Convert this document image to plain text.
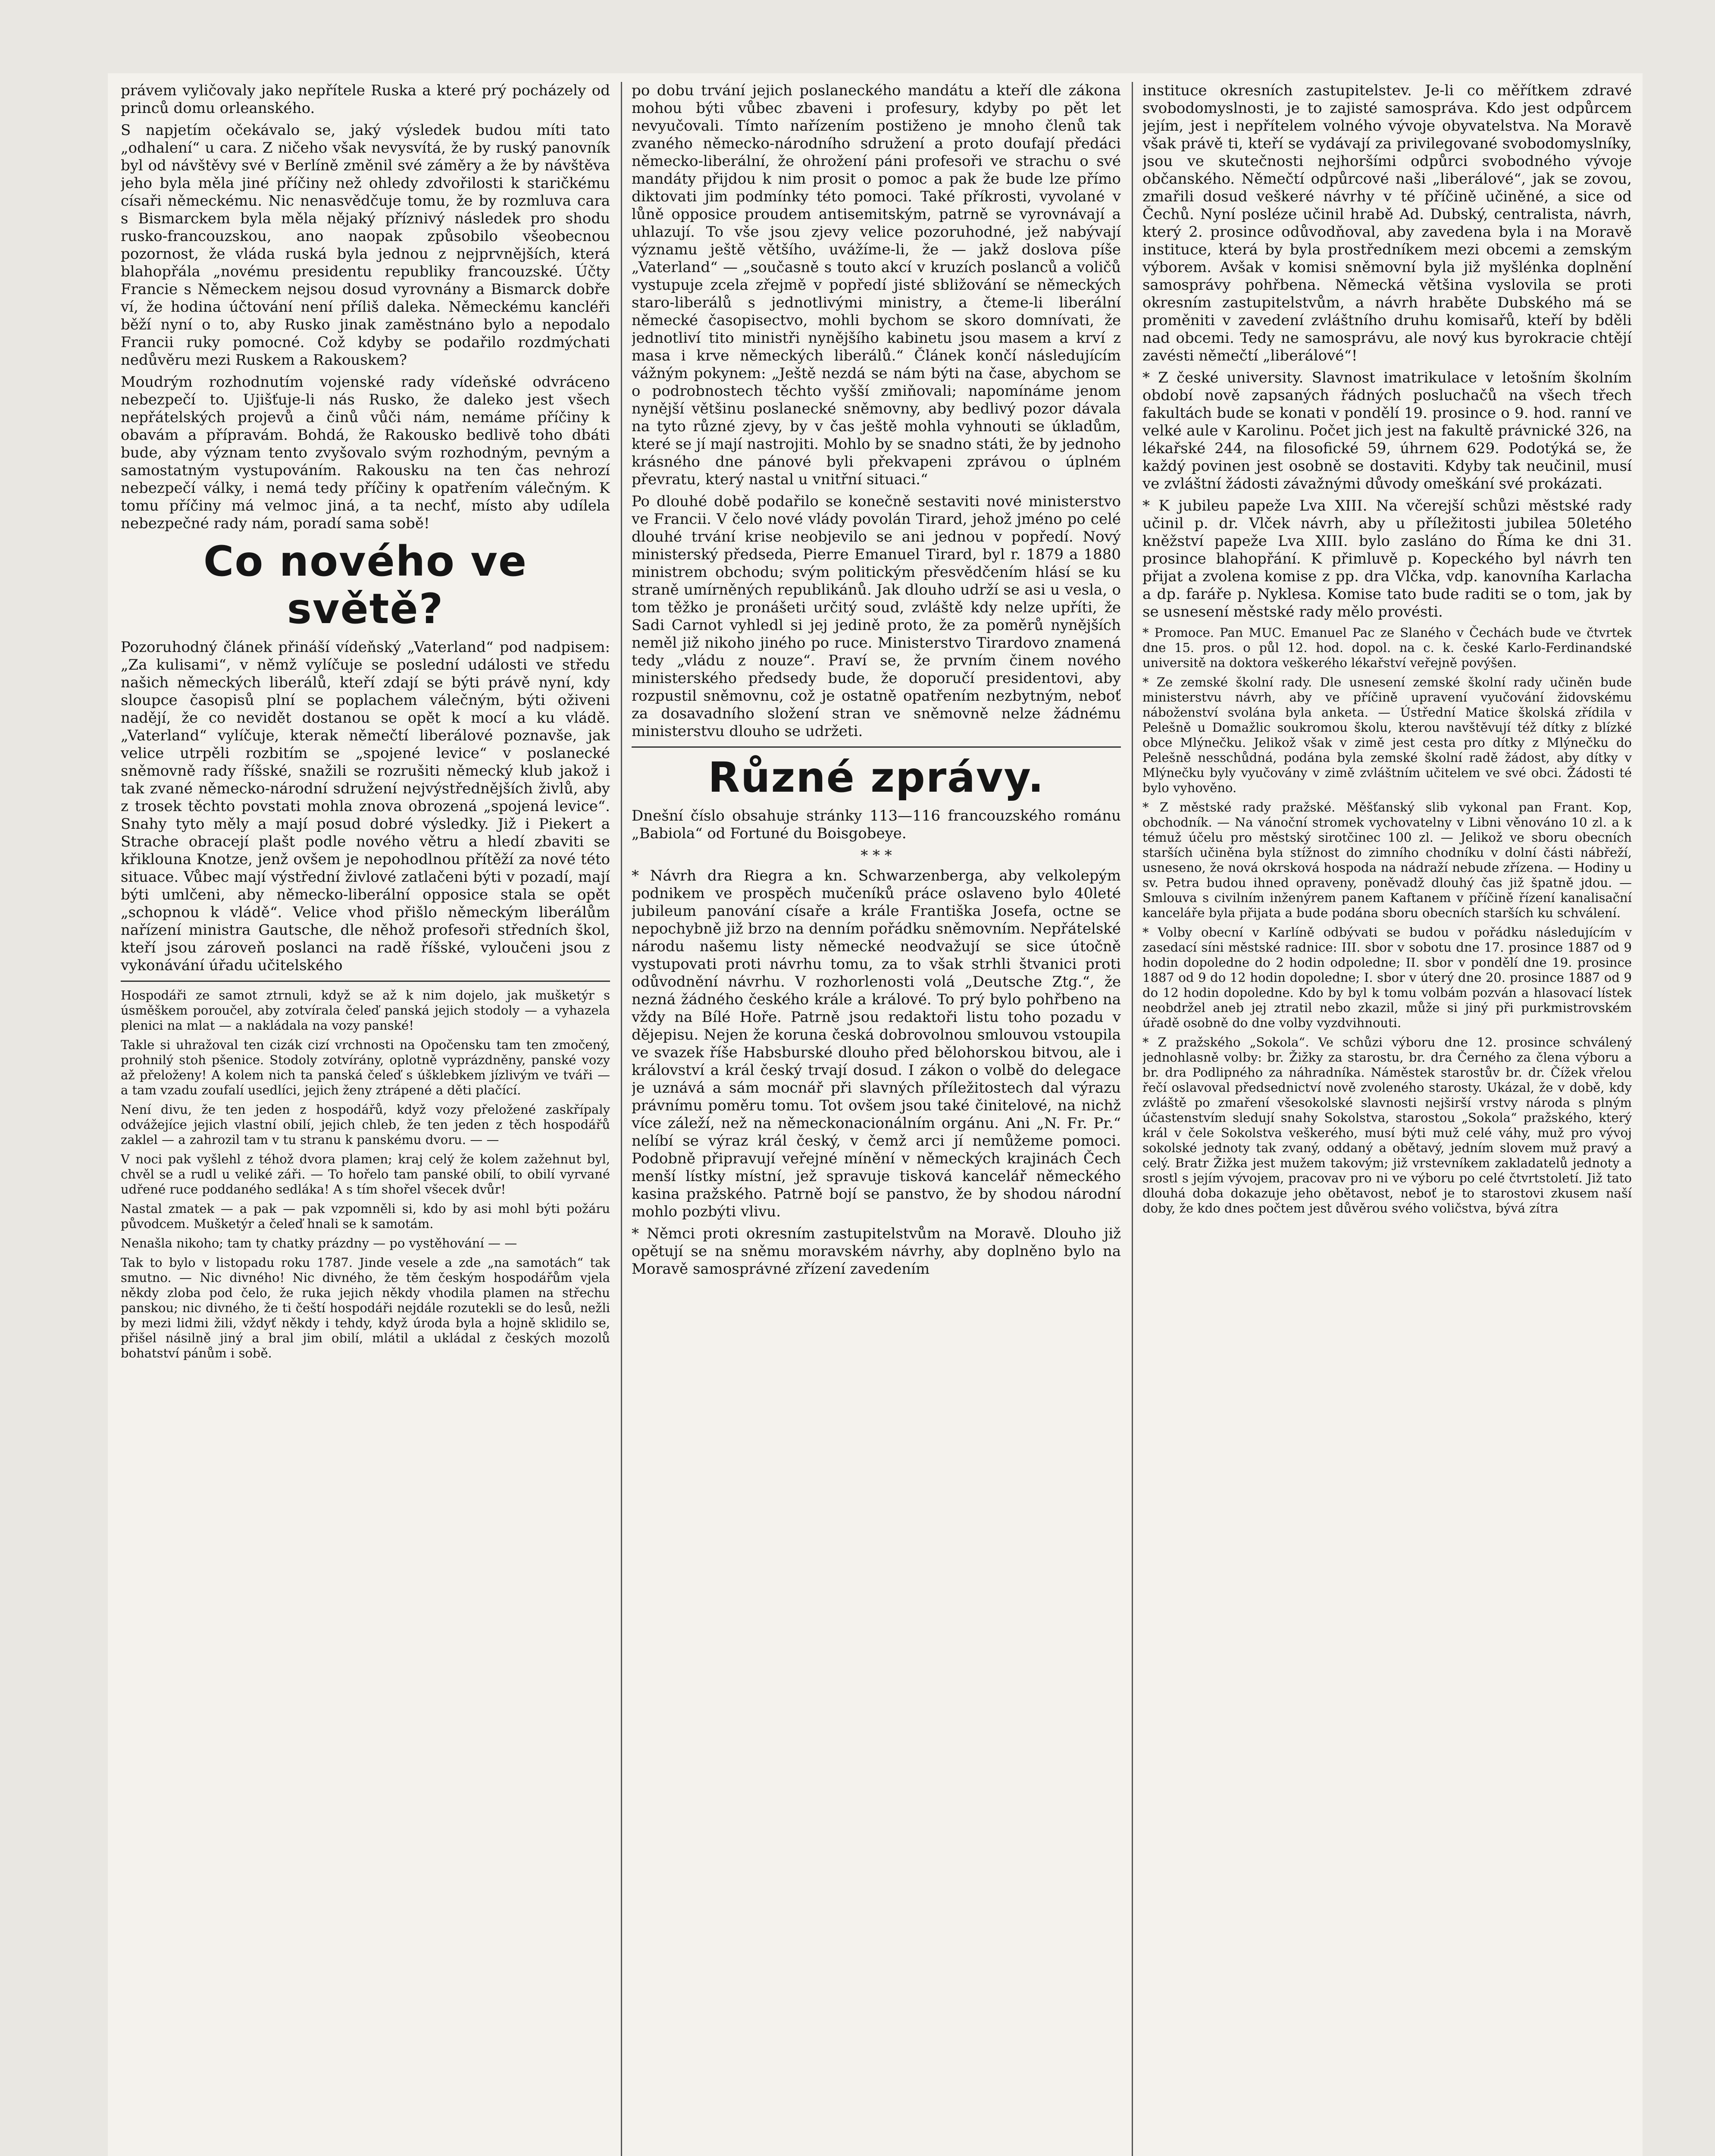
právem vyličovaly jako nepřítele Ruska a které prý pocházely od princů domu orleanského.

S napjetím očekávalo se, jaký výsledek budou míti tato „odhalení“ u cara. Z ničeho však nevysvítá, že by ruský panovník byl od návštěvy své v Berlíně změnil své záměry a že by návštěva jeho byla měla jiné příčiny než ohledy zdvořilosti k staričkému císaři německému. Nic nenasvědčuje tomu, že by rozmluva cara s Bismarckem byla měla nějaký příznivý následek pro shodu rusko-francouzskou, ano naopak způsobilo všeobecnou pozornost, že vláda ruská byla jednou z nejprvnějších, která blahopřála „novému presidentu republiky francouzské. Účty Francie s Německem nejsou dosud vyrovnány a Bismarck dobře ví, že hodina účtování není příliš daleka. Německému kancléři běží nyní o to, aby Rusko jinak zaměstnáno bylo a nepodalo Francii ruky pomocné. Což kdyby se podařilo rozdmýchati nedůvěru mezi Ruskem a Rakouskem?

Moudrým rozhodnutím vojenské rady vídeňské odvráceno nebezpečí to. Ujišťuje-li nás Rusko, že daleko jest všech nepřátelských projevů a činů vůči nám, nemáme příčiny k obavám a přípravám. Bohdá, že Rakousko bedlivě toho dbáti bude, aby význam tento zvyšovalo svým rozhodným, pevným a samostatným vystupováním. Rakousku na ten čas nehrozí nebezpečí války, i nemá tedy příčiny k opatřením válečným. K tomu příčiny má velmoc jiná, a ta nechť, místo aby udílela nebezpečné rady nám, poradí sama sobě!

Co nového ve světě?

Pozoruhodný článek přináší vídeňský „Vaterland“ pod nadpisem: „Za kulisami“, v němž vylíčuje se poslední události ve středu našich německých liberálů, kteří zdají se býti právě nyní, kdy sloupce časopisů plní se poplachem válečným, býti oživeni nadějí, že co nevidět dostanou se opět k mocí a ku vládě. „Vaterland“ vylíčuje, kterak němečtí liberálové poznavše, jak velice utrpěli rozbitím se „spojené levice“ v poslanecké sněmovně rady říšské, snažili se rozrušiti německý klub jakož i tak zvané německo-národní sdružení nejvýstřednějších živlů, aby z trosek těchto povstati mohla znova obrozená „spojená levice“. Snahy tyto měly a mají posud dobré výsledky. Již i Piekert a Strache obracejí plašt podle nového větru a hledí zbaviti se křiklouna Knotze, jenž ovšem je nepohodlnou přítěží za nové této situace. Vůbec mají výstřední živlové zatlačeni býti v pozadí, mají býti umlčeni, aby německo-liberální opposice stala se opět „schopnou k vládě“. Velice vhod přišlo německým liberálům nařízení ministra Gautsche, dle něhož profesoři středních škol, kteří jsou zároveň poslanci na radě říšské, vyloučeni jsou z vykonávání úřadu učitelského

Hospodáři ze samot ztrnuli, když se až k nim dojelo, jak mušketýr s úsměškem poroučel, aby zotvírala čeleď panská jejich stodoly — a vyhazela plenici na mlat — a nakládala na vozy panské!

Takle si uhražoval ten cizák cizí vrchnosti na Opočensku tam ten zmočený, prohnilý stoh pšenice. Stodoly zotvírány, oplotně vyprázdněny, panské vozy až přeloženy! A kolem nich ta panská čeleď s úšklebkem jízlivým ve tváři — a tam vzadu zoufalí usedlíci, jejich ženy ztrápené a děti plačící.

Není divu, že ten jeden z hospodářů, když vozy přeložené zaskřípaly odvážejíce jejich vlastní obilí, jejich chleb, že ten jeden z těch hospodářů zaklel — a zahrozil tam v tu stranu k panskému dvoru. — —

V noci pak vyšlehl z téhož dvora plamen; kraj celý že kolem zažehnut byl, chvěl se a rudl u veliké záři. — To hořelo tam panské obilí, to obilí vyrvané udřené ruce poddaného sedláka! A s tím shořel všecek dvůr!

Nastal zmatek — a pak — pak vzpomněli si, kdo by asi mohl býti požáru původcem. Mušketýr a čeleď hnali se k samotám.

Nenašla nikoho; tam ty chatky prázdny — po vystěhování — —

Tak to bylo v listopadu roku 1787. Jinde vesele a zde „na samotách“ tak smutno. — Nic divného! Nic divného, že těm českým hospodářům vjela někdy zloba pod čelo, že ruka jejich někdy vhodila plamen na střechu panskou; nic divného, že ti čeští hospodáři nejdále rozutekli se do lesů, nežli by mezi lidmi žili, vždyť někdy i tehdy, když úroda byla a hojně sklidilo se, přišel násilně jiný a bral jim obilí, mlátil a ukládal z českých mozolů bohatství pánům i sobě.

po dobu trvání jejich poslaneckého mandátu a kteří dle zákona mohou býti vůbec zbaveni i profesury, kdyby po pět let nevyučovali. Tímto nařízením postiženo je mnoho členů tak zvaného německo-národního sdružení a proto doufají předáci německo-liberální, že ohrožení páni profesoři ve strachu o své mandáty přijdou k nim prosit o pomoc a pak že bude lze přímo diktovati jim podmínky této pomoci. Také příkrosti, vyvolané v lůně opposice proudem antisemitským, patrně se vyrovnávají a uhlazují. To vše jsou zjevy velice pozoruhodné, jež nabývají významu ještě většího, uvážíme-li, že — jakž doslova píše „Vaterland“ — „současně s touto akcí v kruzích poslanců a voličů vystupuje zcela zřejmě v popředí jisté sbližování se německých staro-liberálů s jednotlivými ministry, a čteme-li liberální německé časopisectvo, mohli bychom se skoro domnívati, že jednotliví tito ministři nynějšího kabinetu jsou masem a krví z masa i krve německých liberálů.“ Článek končí následujícím vážným pokynem: „Ještě nezdá se nám býti na čase, abychom se o podrobnostech těchto vyšší zmiňovali; napomínáme jenom nynější většinu poslanecké sněmovny, aby bedlivý pozor dávala na tyto různé zjevy, by v čas ještě mohla vyhnouti se úkladům, které se jí mají nastrojiti. Mohlo by se snadno státi, že by jednoho krásného dne pánové byli překvapeni zprávou o úplném převratu, který nastal u vnitřní situaci.“

Po dlouhé době podařilo se konečně sestaviti nové ministerstvo ve Francii. V čelo nové vlády povolán Tirard, jehož jméno po celé dlouhé trvání krise neobjevilo se ani jednou v popředí. Nový ministerský předseda, Pierre Emanuel Tirard, byl r. 1879 a 1880 ministrem obchodu; svým politickým přesvědčením hlásí se ku straně umírněných republikánů. Jak dlouho udrží se asi u vesla, o tom těžko je pronášeti určitý soud, zvláště kdy nelze upříti, že Sadi Carnot vyhledl si jej jedině proto, že za poměrů nynějších neměl již nikoho jiného po ruce. Ministerstvo Tirardovo znamená tedy „vládu z nouze“. Praví se, že prvním činem nového ministerského předsedy bude, že doporučí presidentovi, aby rozpustil sněmovnu, což je ostatně opatřením nezbytným, neboť za dosavadního složení stran ve sněmovně nelze žádnému ministerstvu dlouho se udržeti.

Různé zprávy.

Dnešní číslo obsahuje stránky 113—116 francouzského románu „Babiola“ od Fortuné du Boisgobeye.

* * *

* Návrh dra Riegra a kn. Schwarzenberga, aby velkolepým podnikem ve prospěch mučeníků práce oslaveno bylo 40leté jubileum panování císaře a krále Františka Josefa, octne se nepochybně již brzo na denním pořádku sněmovním. Nepřátelské národu našemu listy německé neodvažují se sice útočně vystupovati proti návrhu tomu, za to však strhli štvanici proti odůvodnění návrhu. V rozhorlenosti volá „Deutsche Ztg.“, že nezná žádného českého krále a králové. To prý bylo pohřbeno na vždy na Bílé Hoře. Patrně jsou redaktoři listu toho pozadu v dějepisu. Nejen že koruna česká dobrovolnou smlouvou vstoupila ve svazek říše Habsburské dlouho před bělohorskou bitvou, ale i království a král český trvají dosud. I zákon o volbě do delegace je uznává a sám mocnář při slavných příležitostech dal výrazu právnímu poměru tomu. Tot ovšem jsou také činitelové, na nichž více záleží, než na německonacionálním orgánu. Ani „N. Fr. Pr.“ nelíbí se výraz král český, v čemž arci jí nemůžeme pomoci. Podobně připravují veřejné mínění v německých krajinách Čech menší lístky místní, jež spravuje tisková kancelář německého kasina pražského. Patrně bojí se panstvo, že by shodou národní mohlo pozbýti vlivu.

* Němci proti okresním zastupitelstvům na Moravě. Dlouho již opětují se na sněmu moravském návrhy, aby doplněno bylo na Moravě samosprávné zřízení zavedením

instituce okresních zastupitelstev. Je-li co měřítkem zdravé svobodomyslnosti, je to zajisté samospráva. Kdo jest odpůrcem jejím, jest i nepřítelem volného vývoje obyvatelstva. Na Moravě však právě ti, kteří se vydávají za privilegované svobodomyslníky, jsou ve skutečnosti nejhoršími odpůrci svobodného vývoje občanského. Němečtí odpůrcové naši „liberálové“, jak se zovou, zmařili dosud veškeré návrhy v té příčině učiněné, a sice od Čechů. Nyní posléze učinil hrabě Ad. Dubský, centralista, návrh, který 2. prosince odůvodňoval, aby zavedena byla i na Moravě instituce, která by byla prostředníkem mezi obcemi a zemským výborem. Avšak v komisi sněmovní byla již myšlénka doplnění samosprávy pohřbena. Německá většina vyslovila se proti okresním zastupitelstvům, a návrh hraběte Dubského má se proměniti v zavedení zvláštního druhu komisařů, kteří by bděli nad obcemi. Tedy ne samosprávu, ale nový kus byrokracie chtějí zavésti němečtí „liberálové“!

* Z české university. Slavnost imatrikulace v letošním školním období nově zapsaných řádných posluchačů na všech třech fakultách bude se konati v pondělí 19. prosince o 9. hod. ranní ve velké aule v Karolinu. Počet jich jest na fakultě právnické 326, na lékařské 244, na filosofické 59, úhrnem 629. Podotýká se, že každý povinen jest osobně se dostaviti. Kdyby tak neučinil, musí ve zvláštní žádosti závažnými důvody omeškání své prokázati.

* K jubileu papeže Lva XIII. Na včerejší schůzi městské rady učinil p. dr. Vlček návrh, aby u příležitosti jubilea 50letého kněžství papeže Lva XIII. bylo zasláno do Říma ke dni 31. prosince blahopřání. K přimluvě p. Kopeckého byl návrh ten přijat a zvolena komise z pp. dra Vlčka, vdp. kanovníha Karlacha a dp. faráře p. Nyklesa. Komise tato bude raditi se o tom, jak by se usnesení městské rady mělo provésti.

* Promoce. Pan MUC. Emanuel Pac ze Slaného v Čechách bude ve čtvrtek dne 15. pros. o půl 12. hod. dopol. na c. k. české Karlo-Ferdinandské universitě na doktora veškerého lékařství veřejně povýšen.

* Ze zemské školní rady. Dle usnesení zemské školní rady učiněn bude ministerstvu návrh, aby ve příčině upravení vyučování židovskému náboženství svolána byla anketa. — Ústřední Matice školská zřídila v Pelešně u Domažlic soukromou školu, kterou navštěvují též dítky z blízké obce Mlýnečku. Jelikož však v zimě jest cesta pro dítky z Mlýnečku do Pelešně nesschůdná, podána byla zemské školní radě žádost, aby dítky v Mlýnečku byly vyučovány v zimě zvláštním učitelem ve své obci. Žádosti té bylo vyhověno.

* Z městské rady pražské. Měšťanský slib vykonal pan Frant. Kop, obchodník. — Na vánoční stromek vychovatelny v Libni věnováno 10 zl. a k témuž účelu pro městský sirotčinec 100 zl. — Jelikož ve sboru obecních starších učiněna byla stížnost do zimního chodníku v dolní části nábřeží, usneseno, že nová okrsková hospoda na nádraží nebude zřízena. — Hodiny u sv. Petra budou ihned opraveny, poněvadž dlouhý čas již špatně jdou. — Smlouva s civilním inženýrem panem Kaftanem v příčině řízení kanalisační kanceláře byla přijata a bude podána sboru obecních starších ku schválení.

* Volby obecní v Karlíně odbývati se budou v pořádku následujícím v zasedací síni městské radnice: III. sbor v sobotu dne 17. prosince 1887 od 9 hodin dopoledne do 2 hodin odpoledne; II. sbor v pondělí dne 19. prosince 1887 od 9 do 12 hodin dopoledne; I. sbor v úterý dne 20. prosince 1887 od 9 do 12 hodin dopoledne. Kdo by byl k tomu volbám pozván a hlasovací lístek neobdržel aneb jej ztratil nebo zkazil, může si jiný při purkmistrovském úřadě osobně do dne volby vyzdvihnouti.

* Z pražského „Sokola“. Ve schůzi výboru dne 12. prosince schválený jednohlasně volby: br. Žižky za starostu, br. dra Černého za člena výboru a br. dra Podlipného za náhradníka. Náměstek starostův br. dr. Čížek vřelou řečí oslavoval předsednictví nově zvoleného starosty. Ukázal, že v době, kdy zvláště po zmaření všesokolské slavnosti nejširší vrstvy národa s plným účastenstvím sledují snahy Sokolstva, starostou „Sokola“ pražského, který král v čele Sokolstva veškerého, musí býti muž celé váhy, muž pro vývoj sokolské jednoty tak zvaný, oddaný a obětavý, jedním slovem muž pravý a celý. Bratr Žižka jest mužem takovým; již vrstevníkem zakladatelů jednoty a srostl s jejím vývojem, pracovav pro ni ve výboru po celé čtvrtstoletí. Již tato dlouhá doba dokazuje jeho obětavost, neboť je to starostovi zkusem naší doby, že kdo dnes počtem jest důvěrou svého voličstva, bývá zítra
